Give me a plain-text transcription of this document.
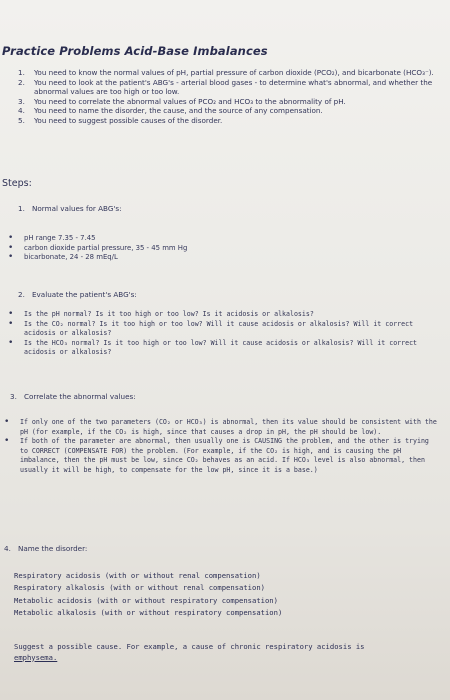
Practice Problems Acid-Base Imbalances
1.	You need to know the normal values of pH, partial pressure of carbon dioxide (PCO₂), and bicarbonate (HCO₃⁻).
2.	You need to look at the patient's ABG's - arterial blood gases - to determine what's abnormal, and whether the abnormal values are too high or too low.
3.	You need to correlate the abnormal values of PCO₂ and HCO₃ to the abnormality of pH.
4.	You need to name the disorder, the cause, and the source of any compensation.
5.	You need to suggest possible causes of the disorder.
Steps:
1. Normal values for ABG's:
•	pH range 7.35 - 7.45
•	carbon dioxide partial pressure, 35 - 45 mm Hg
•	bicarbonate, 24 - 28 mEq/L
2. Evaluate the patient's ABG's:
•	Is the pH normal? Is it too high or too low? Is it acidosis or alkalosis?
•	Is the CO₂ normal? Is it too high or too low? Will it cause acidosis or alkalosis? Will it correct acidosis or alkalosis?
•	Is the HCO₃ normal? Is it too high or too low? Will it cause acidosis or alkalosis? Will it correct acidosis or alkalosis?
3. Correlate the abnormal values:
•	If only one of the two parameters (CO₂ or HCO₃) is abnormal, then its value should be consistent with the pH (for example, if the CO₂ is high, since that causes a drop in pH, the pH should be low).
•	If both of the parameter are abnormal, then usually one is CAUSING the problem, and the other is trying to CORRECT (COMPENSATE FOR) the problem. (For example, if the CO₂ is high, and is causing the pH imbalance, then the pH must be low, since CO₂ behaves as an acid. If HCO₃ level is also abnormal, then usually it will be high, to compensate for the low pH, since it is a base.)
4. Name the disorder:
Respiratory acidosis (with or without renal compensation)
Respiratory alkalosis (with or without renal compensation)
Metabolic acidosis (with or without respiratory compensation)
Metabolic alkalosis (with or without respiratory compensation)
Suggest a possible cause. For example, a cause of chronic respiratory acidosis is
emphysema.
